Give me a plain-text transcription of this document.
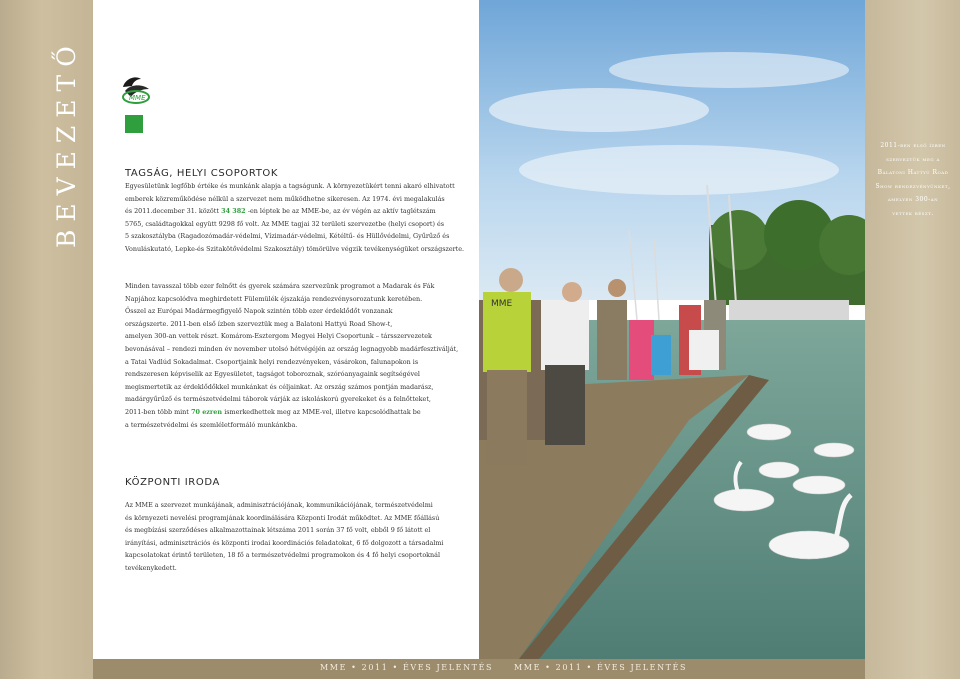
BEVEZETŐ	MME
TAGSÁG, HELYI CSOPORTOK

Egyesületünk legfőbb értéke és munkánk alapja a tagságunk. A környezetükért tenni akaró elhivatott

emberek közreműködése nélkül a szervezet nem működhetne sikeresen. Az 1974. évi megalakulás

és 2011.december 31. között 34 382 -en léptek be az MME-be, az év végén az aktív taglétszám

5765, családtagokkal együtt 9298 fő volt. Az MME tagjai 32 területi szervezetbe (helyi csoport) és

5 szakosztályba (Ragadozómadár-védelmi, Vízimadár-védelmi, Kétéltű- és Hüllővédelmi, Gyűrűző és

Vonuláskutató, Lepke-és Szitakötővédelmi Szakosztály) tömörülve végzik tevékenységüket országszerte.

Minden tavasszal több ezer felnőtt és gyerek számára szervezünk programot a Madarak és Fák

Napjához kapcsolódva meghirdetett Fülemülék éjszakája rendezvénysorozatunk keretében.

Ősszel az Európai Madármegfigyelő Napok szintén több ezer érdeklődőt vonzanak

országszerte. 2011-ben első ízben szerveztük meg a Balatoni Hattyú Road Show-t,

amelyen 300-an vettek részt. Komárom-Esztergom Megyei Helyi Csoportunk – társszervezetek

bevonásával – rendezi minden év november utolsó hétvégéjén az ország legnagyobb madárfesztiválját,

a Tatai Vadlúd Sokadalmat. Csoportjaink helyi rendezvényeken, vásárokon, falunapokon is

rendszeresen képviselik az Egyesületet, tagságot toboroznak, szóróanyagaink segítségével

megismertetik az érdeklődőkkel munkánkat és céljainkat. Az ország számos pontján madarász,

madárgyűrűző és természetvédelmi táborok várják az iskoláskorú gyerekeket és a felnőtteket,

2011-ben több mint 70 ezren ismerkedhettek meg az MME-vel, illetve kapcsolódhattak be

a természetvédelmi és szemléletformáló munkánkba.

KÖZPONTI IRODA

Az MME a szervezet munkájának, adminisztrációjának, kommunikációjának, természetvédelmi

és környezeti nevelési programjának koordinálására Központi Irodát működtet. Az MME főállású

és megbízási szerződéses alkalmazottainak létszáma 2011 során 37 fő volt, ebből 9 fő látott el

irányítási, adminisztrációs és központi irodai koordinációs feladatokat, 6 fő dolgozott a társadalmi

kapcsolatokat érintő területen, 18 fő a természetvédelmi programokon és 4 fő helyi csoportoknál

tevékenykedett.

MME

2011-ben első ízben

szerveztük meg a

Balatoni Hattyú Road

Show rendezvényünket,

amelyen 300-an

vettek részt.

MME • 2011 • ÉVES JELENTÉS	MME • 2011 • ÉVES JELENTÉS
